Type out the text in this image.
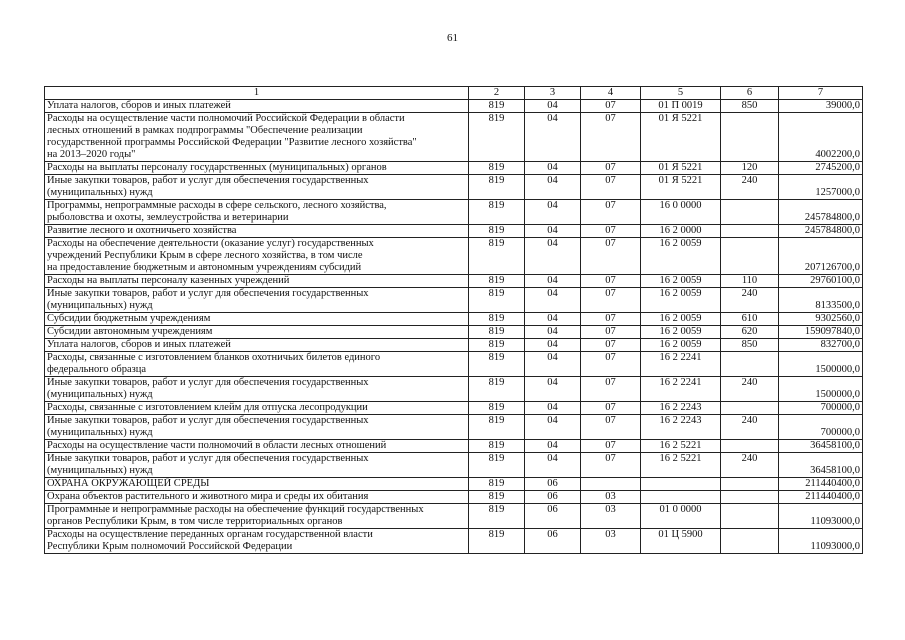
61
1	2	3	4	5	6	7
Уплата налогов, сборов и иных платежей	819	04	07	01 П 0019	850	39000,0
Расходы на осуществление части полномочий Российской Федерации в области
лесных отношений в рамках подпрограммы "Обеспечение реализации
государственной программы Российской Федерации "Развитие лесного хозяйства"
на 2013–2020 годы"	819	04	07	01 Я 5221		4002200,0
Расходы на выплаты персоналу государственных (муниципальных) органов	819	04	07	01 Я 5221	120	2745200,0
Иные закупки товаров, работ и услуг для обеспечения государственных
(муниципальных) нужд	819	04	07	01 Я 5221	240	1257000,0
Программы, непрограммные расходы в сфере сельского, лесного хозяйства,
рыболовства и охоты, землеустройства и ветеринарии	819	04	07	16 0 0000		245784800,0
Развитие лесного и охотничьего хозяйства	819	04	07	16 2 0000		245784800,0
Расходы на обеспечение деятельности (оказание услуг) государственных
учреждений Республики Крым в сфере лесного хозяйства, в том числе
на предоставление бюджетным и автономным учреждениям субсидий	819	04	07	16 2 0059		207126700,0
Расходы на выплаты персоналу казенных учреждений	819	04	07	16 2 0059	110	29760100,0
Иные закупки товаров, работ и услуг для обеспечения государственных
(муниципальных) нужд	819	04	07	16 2 0059	240	8133500,0
Субсидии бюджетным учреждениям	819	04	07	16 2 0059	610	9302560,0
Субсидии автономным учреждениям	819	04	07	16 2 0059	620	159097840,0
Уплата налогов, сборов и иных платежей	819	04	07	16 2 0059	850	832700,0
Расходы, связанные с изготовлением бланков охотничьих билетов единого
федерального образца	819	04	07	16 2 2241		1500000,0
Иные закупки товаров, работ и услуг для обеспечения государственных
(муниципальных) нужд	819	04	07	16 2 2241	240	1500000,0
Расходы, связанные с изготовлением клейм для отпуска лесопродукции	819	04	07	16 2 2243		700000,0
Иные закупки товаров, работ и услуг для обеспечения государственных
(муниципальных) нужд	819	04	07	16 2 2243	240	700000,0
Расходы на осуществление части полномочий в области лесных отношений	819	04	07	16 2 5221		36458100,0
Иные закупки товаров, работ и услуг для обеспечения государственных
(муниципальных) нужд	819	04	07	16 2 5221	240	36458100,0
ОХРАНА ОКРУЖАЮЩЕЙ СРЕДЫ	819	06				211440400,0
Охрана объектов растительного и животного мира и среды их обитания	819	06	03			211440400,0
Программные и непрограммные расходы на обеспечение функций государственных
органов Республики Крым, в том числе территориальных органов	819	06	03	01 0 0000		11093000,0
Расходы на осуществление переданных органам государственной власти
Республики Крым полномочий Российской Федерации	819	06	03	01 Ц 5900		11093000,0
